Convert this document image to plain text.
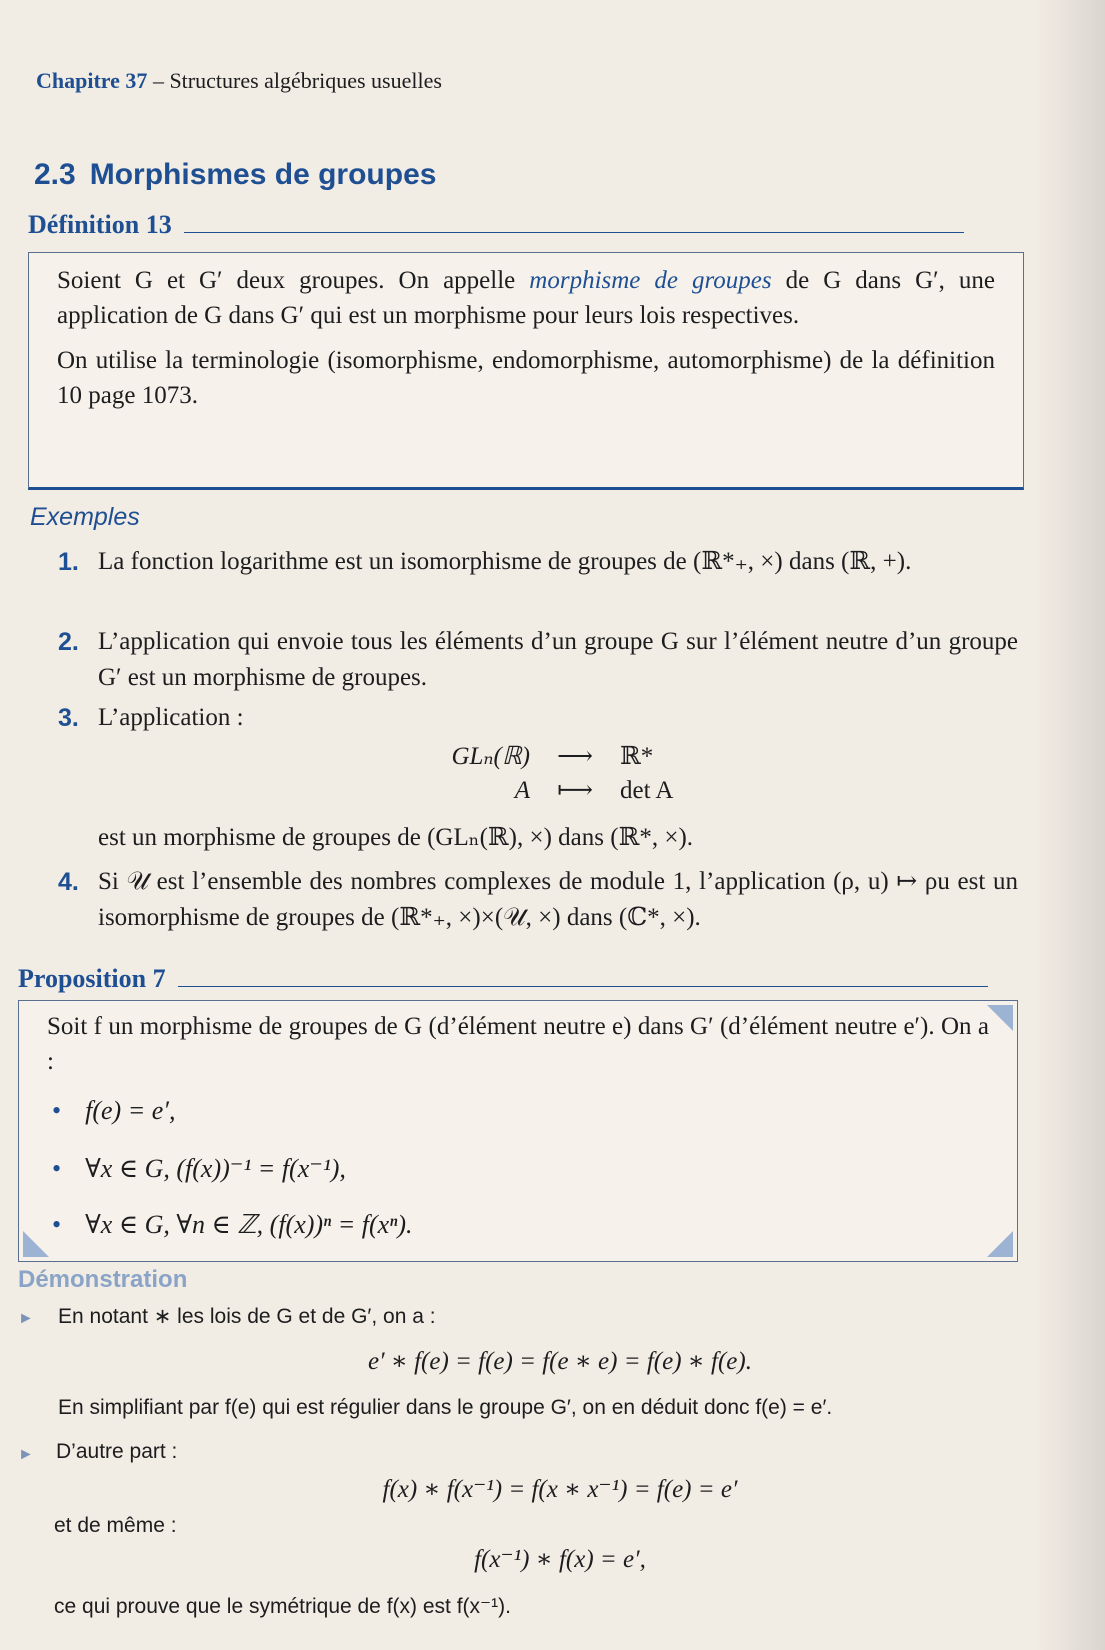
Chapitre 37 – Structures algébriques usuelles
2.3 Morphismes de groupes
Définition 13

Soient G et G′ deux groupes. On appelle morphisme de groupes de G dans G′, une application de G dans G′ qui est un morphisme pour leurs lois respectives.

On utilise la terminologie (isomorphisme, endomorphisme, automorphisme) de la définition 10 page 1073.

Exemples
1. La fonction logarithme est un isomorphisme de groupes de (ℝ*₊, ×) dans (ℝ, +).
2. L’application qui envoie tous les éléments d’un groupe G sur l’élément neutre d’un groupe G′ est un morphisme de groupes.
3. L’application :
GLₙ(ℝ)	⟶	ℝ*
A	⟼	det A
est un morphisme de groupes de (GLₙ(ℝ), ×) dans (ℝ*, ×).
4. Si 𝒰 est l’ensemble des nombres complexes de module 1, l’application (ρ, u) ↦ ρu est un isomorphisme de groupes de (ℝ*₊, ×)×(𝒰, ×) dans (ℂ*, ×).
Proposition 7

Soit f un morphisme de groupes de G (d’élément neutre e) dans G′ (d’élément neutre e′). On a :

• f(e) = e′,
• ∀x ∈ G, (f(x))⁻¹ = f(x⁻¹),
• ∀x ∈ G, ∀n ∈ ℤ, (f(x))ⁿ = f(xⁿ).
Démonstration
► En notant ∗ les lois de G et de G′, on a :
e′ ∗ f(e) = f(e) = f(e ∗ e) = f(e) ∗ f(e).
En simplifiant par f(e) qui est régulier dans le groupe G′, on en déduit donc f(e) = e′.
► D’autre part :
f(x) ∗ f(x⁻¹) = f(x ∗ x⁻¹) = f(e) = e′
et de même :
f(x⁻¹) ∗ f(x) = e′,
ce qui prouve que le symétrique de f(x) est f(x⁻¹).
